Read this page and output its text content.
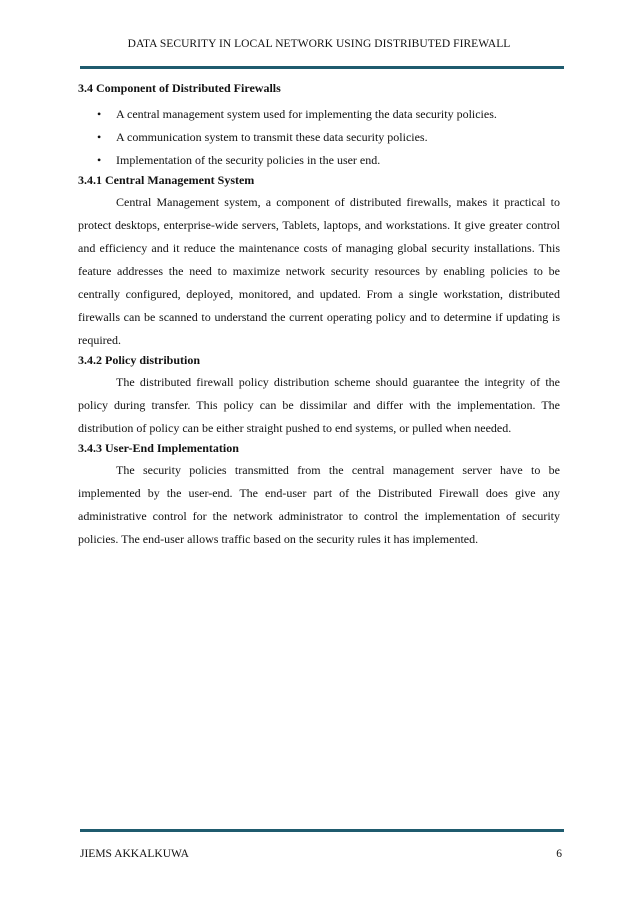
DATA SECURITY IN LOCAL NETWORK USING DISTRIBUTED FIREWALL
3.4 Component of Distributed Firewalls
• A central management system used for implementing the data security policies.
• A communication system to transmit these data security policies.
• Implementation of the security policies in the user end.
3.4.1 Central Management System

Central Management system, a component of distributed firewalls, makes it practical to protect desktops, enterprise-wide servers, Tablets, laptops, and workstations. It give greater control and efficiency and it reduce the maintenance costs of managing global security installations. This feature addresses the need to maximize network security resources by enabling policies to be centrally configured, deployed, monitored, and updated. From a single workstation, distributed firewalls can be scanned to understand the current operating policy and to determine if updating is required.

3.4.2 Policy distribution

The distributed firewall policy distribution scheme should guarantee the integrity of the policy during transfer. This policy can be dissimilar and differ with the implementation. The distribution of policy can be either straight pushed to end systems, or pulled when needed.

3.4.3 User-End Implementation

The security policies transmitted from the central management server have to be implemented by the user-end. The end-user part of the Distributed Firewall does give any administrative control for the network administrator to control the implementation of security policies. The end-user allows traffic based on the security rules it has implemented.

JIEMS AKKALKUWA	6
